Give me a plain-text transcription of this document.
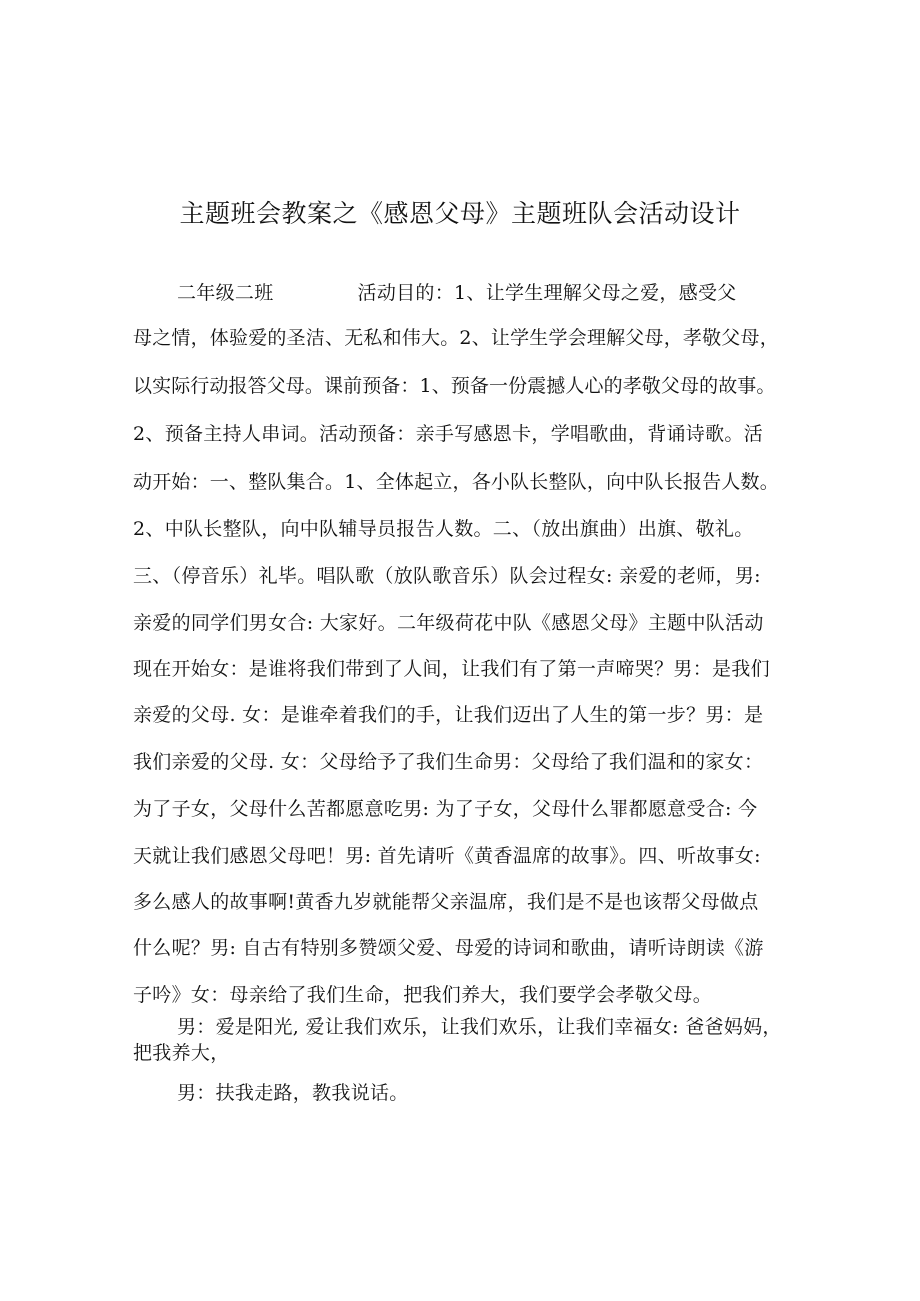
主题班会教案之《感恩父母》主题班队会活动设计
二年级二班	活动目的：1、让学生理解父母之爱，感受父
母之情，体验爱的圣洁、无私和伟大。2、让学生学会理解父母，孝敬父母，
以实际行动报答父母。课前预备：1、预备一份震撼人心的孝敬父母的故事。
2、预备主持人串词。活动预备：亲手写感恩卡，学唱歌曲，背诵诗歌。活
动开始：一、整队集合。1、全体起立，各小队长整队，向中队长报告人数。
2、中队长整队，向中队辅导员报告人数。二、（放出旗曲）出旗、敬礼。
三、（停音乐）礼毕。唱队歌（放队歌音乐）队会过程女: 亲爱的老师，男:
亲爱的同学们男女合: 大家好。二年级荷花中队《感恩父母》主题中队活动
现在开始女：是谁将我们带到了人间，让我们有了第一声啼哭？男：是我们
亲爱的父母. 女：是谁牵着我们的手，让我们迈出了人生的第一步？男：是
我们亲爱的父母. 女：父母给予了我们生命男：父母给了我们温和的家女：
为了子女，父母什么苦都愿意吃男: 为了子女，父母什么罪都愿意受合: 今
天就让我们感恩父母吧！男: 首先请听《黄香温席的故事》。四、听故事女:
多么感人的故事啊!黄香九岁就能帮父亲温席，我们是不是也该帮父母做点
什么呢？男: 自古有特别多赞颂父爱、母爱的诗词和歌曲，请听诗朗读《游
子吟》女：母亲给了我们生命，把我们养大，我们要学会孝敬父母。
男：爱是阳光, 爱让我们欢乐，让我们欢乐，让我们幸福女: 爸爸妈妈，
把我养大，
男：扶我走路，教我说话。
